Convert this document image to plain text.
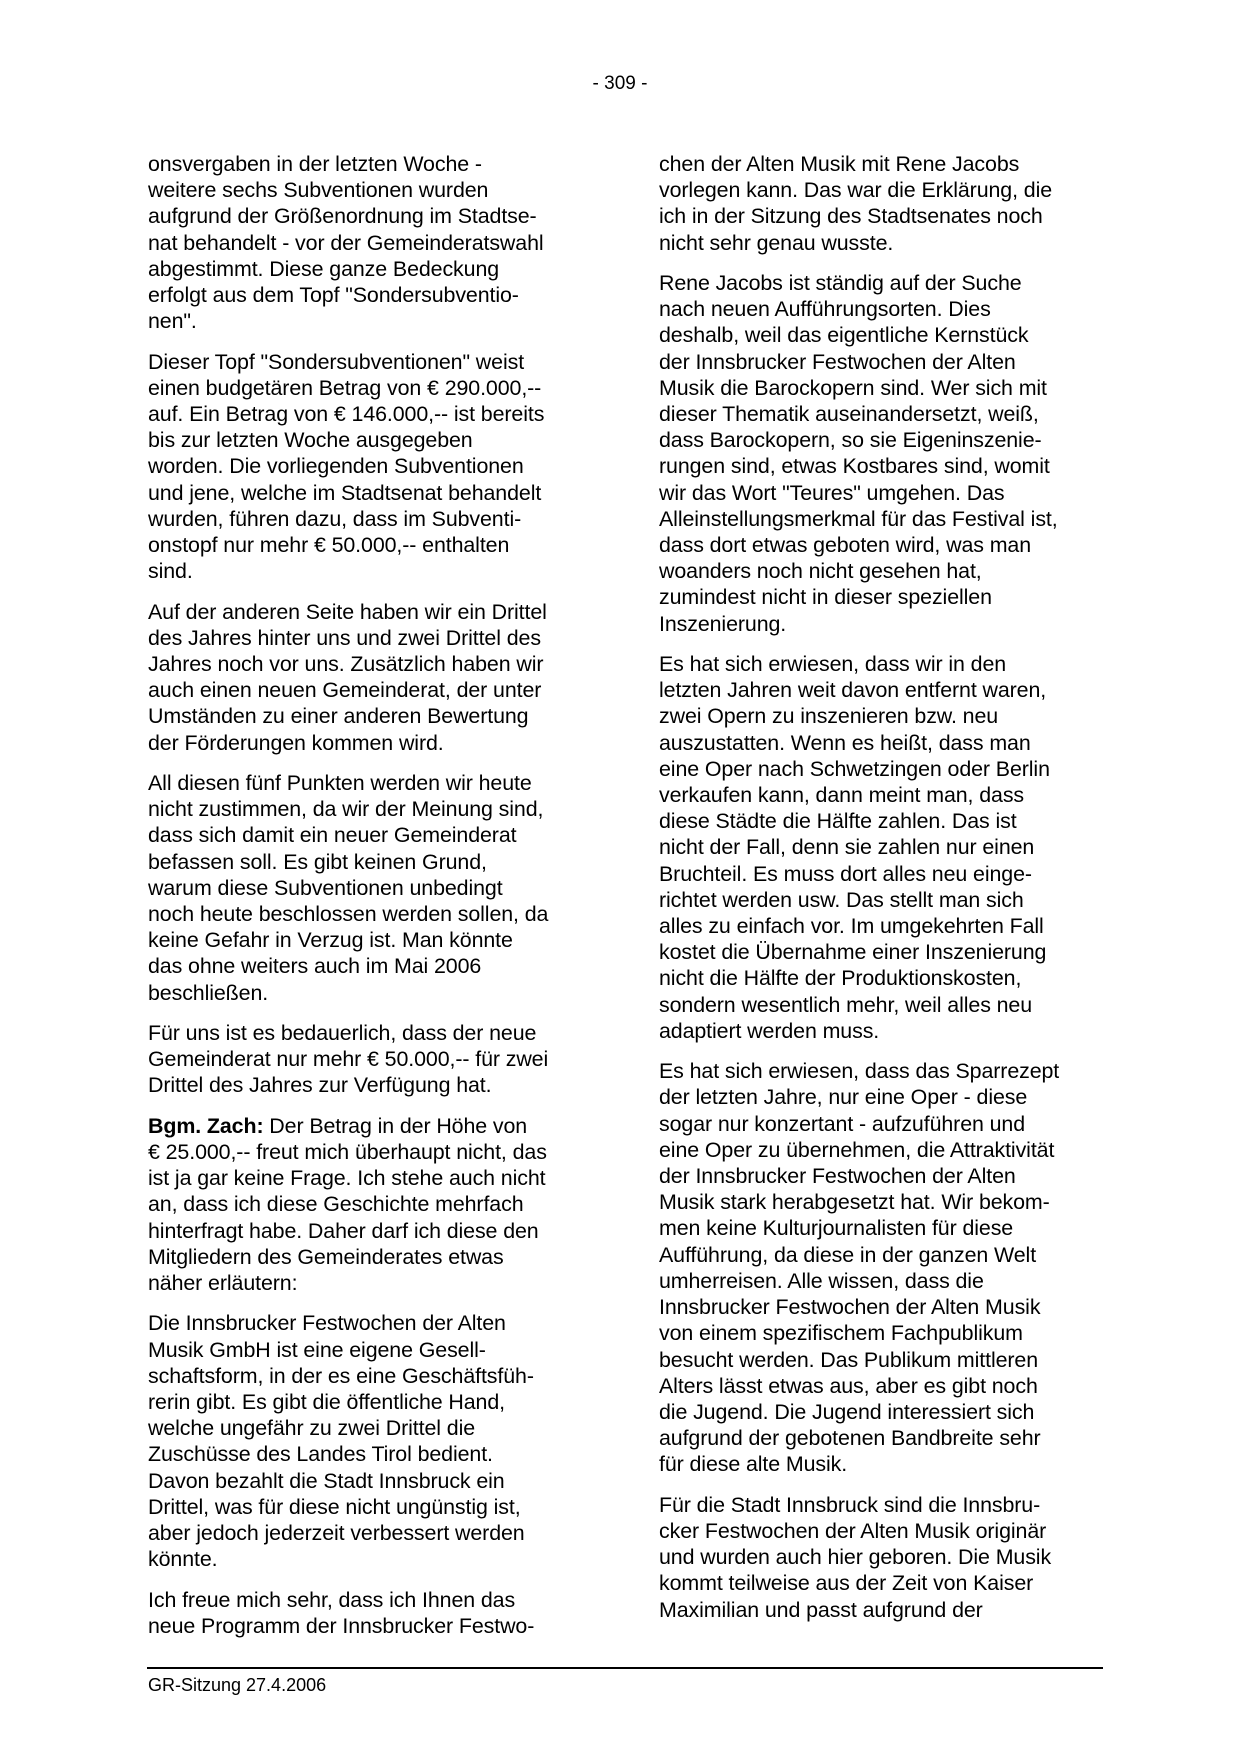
- 309 -
onsvergaben in der letzten Woche -
weitere sechs Subventionen wurden
aufgrund der Größenordnung im Stadtse-
nat behandelt - vor der Gemeinderatswahl
abgestimmt. Diese ganze Bedeckung
erfolgt aus dem Topf "Sondersubventio-
nen".
Dieser Topf "Sondersubventionen" weist
einen budgetären Betrag von € 290.000,--
auf. Ein Betrag von € 146.000,-- ist bereits
bis zur letzten Woche ausgegeben
worden. Die vorliegenden Subventionen
und jene, welche im Stadtsenat behandelt
wurden, führen dazu, dass im Subventi-
onstopf nur mehr € 50.000,-- enthalten
sind.
Auf der anderen Seite haben wir ein Drittel
des Jahres hinter uns und zwei Drittel des
Jahres noch vor uns. Zusätzlich haben wir
auch einen neuen Gemeinderat, der unter
Umständen zu einer anderen Bewertung
der Förderungen kommen wird.
All diesen fünf Punkten werden wir heute
nicht zustimmen, da wir der Meinung sind,
dass sich damit ein neuer Gemeinderat
befassen soll. Es gibt keinen Grund,
warum diese Subventionen unbedingt
noch heute beschlossen werden sollen, da
keine Gefahr in Verzug ist. Man könnte
das ohne weiters auch im Mai 2006
beschließen.
Für uns ist es bedauerlich, dass der neue
Gemeinderat nur mehr € 50.000,-- für zwei
Drittel des Jahres zur Verfügung hat.
Bgm. Zach: Der Betrag in der Höhe von
€ 25.000,-- freut mich überhaupt nicht, das
ist ja gar keine Frage. Ich stehe auch nicht
an, dass ich diese Geschichte mehrfach
hinterfragt habe. Daher darf ich diese den
Mitgliedern des Gemeinderates etwas
näher erläutern:
Die Innsbrucker Festwochen der Alten
Musik GmbH ist eine eigene Gesell-
schaftsform, in der es eine Geschäftsfüh-
rerin gibt. Es gibt die öffentliche Hand,
welche ungefähr zu zwei Drittel die
Zuschüsse des Landes Tirol bedient.
Davon bezahlt die Stadt Innsbruck ein
Drittel, was für diese nicht ungünstig ist,
aber jedoch jederzeit verbessert werden
könnte.
Ich freue mich sehr, dass ich Ihnen das
neue Programm der Innsbrucker Festwo-
chen der Alten Musik mit Rene Jacobs
vorlegen kann. Das war die Erklärung, die
ich in der Sitzung des Stadtsenates noch
nicht sehr genau wusste.
Rene Jacobs ist ständig auf der Suche
nach neuen Aufführungsorten. Dies
deshalb, weil das eigentliche Kernstück
der Innsbrucker Festwochen der Alten
Musik die Barockopern sind. Wer sich mit
dieser Thematik auseinandersetzt, weiß,
dass Barockopern, so sie Eigeninszenie-
rungen sind, etwas Kostbares sind, womit
wir das Wort "Teures" umgehen. Das
Alleinstellungsmerkmal für das Festival ist,
dass dort etwas geboten wird, was man
woanders noch nicht gesehen hat,
zumindest nicht in dieser speziellen
Inszenierung.
Es hat sich erwiesen, dass wir in den
letzten Jahren weit davon entfernt waren,
zwei Opern zu inszenieren bzw. neu
auszustatten. Wenn es heißt, dass man
eine Oper nach Schwetzingen oder Berlin
verkaufen kann, dann meint man, dass
diese Städte die Hälfte zahlen. Das ist
nicht der Fall, denn sie zahlen nur einen
Bruchteil. Es muss dort alles neu einge-
richtet werden usw. Das stellt man sich
alles zu einfach vor. Im umgekehrten Fall
kostet die Übernahme einer Inszenierung
nicht die Hälfte der Produktionskosten,
sondern wesentlich mehr, weil alles neu
adaptiert werden muss.
Es hat sich erwiesen, dass das Sparrezept
der letzten Jahre, nur eine Oper - diese
sogar nur konzertant - aufzuführen und
eine Oper zu übernehmen, die Attraktivität
der Innsbrucker Festwochen der Alten
Musik stark herabgesetzt hat. Wir bekom-
men keine Kulturjournalisten für diese
Aufführung, da diese in der ganzen Welt
umherreisen. Alle wissen, dass die
Innsbrucker Festwochen der Alten Musik
von einem spezifischem Fachpublikum
besucht werden. Das Publikum mittleren
Alters lässt etwas aus, aber es gibt noch
die Jugend. Die Jugend interessiert sich
aufgrund der gebotenen Bandbreite sehr
für diese alte Musik.
Für die Stadt Innsbruck sind die Innsbru-
cker Festwochen der Alten Musik originär
und wurden auch hier geboren. Die Musik
kommt teilweise aus der Zeit von Kaiser
Maximilian und passt aufgrund der
GR-Sitzung 27.4.2006
